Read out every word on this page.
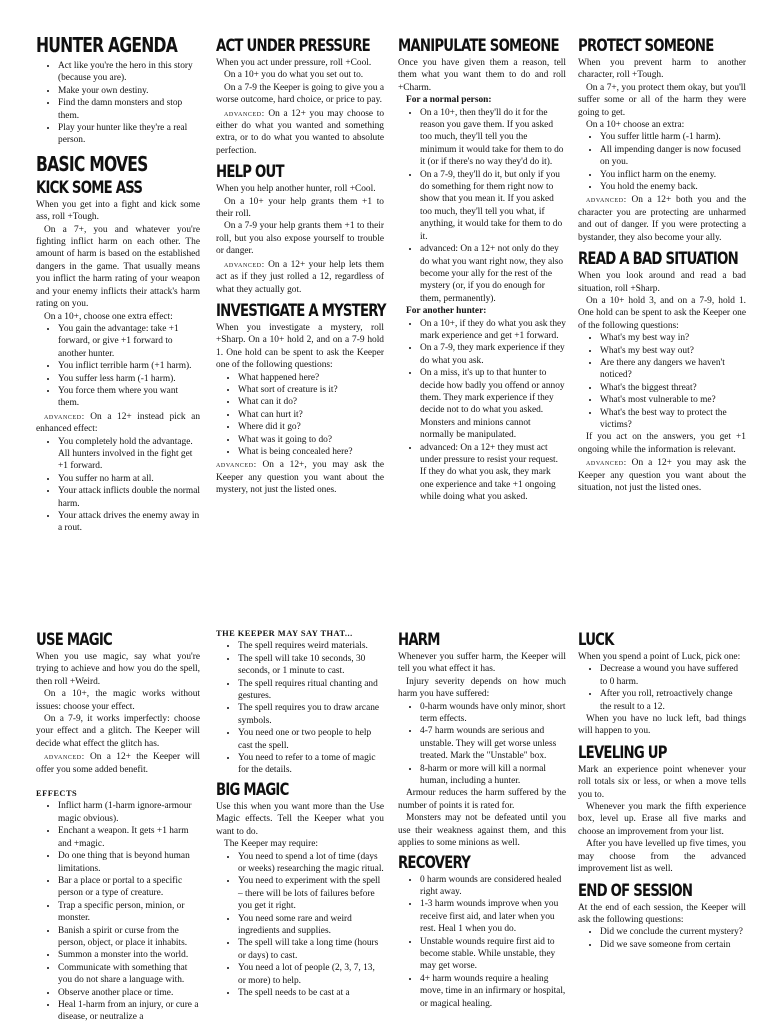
HUNTER AGENDA
• Act like you're the hero in this story (because you are).
• Make your own destiny.
• Find the damn monsters and stop them.
• Play your hunter like they're a real person.
BASIC MOVES
KICK SOME ASS

When you get into a fight and kick some ass, roll +Tough.

On a 7+, you and whatever you're fighting inflict harm on each other. The amount of harm is based on the established dangers in the game. That usually means you inflict the harm rating of your weapon and your enemy inflicts their attack's harm rating on you.

On a 10+, choose one extra effect:

• You gain the advantage: take +1 forward, or give +1 forward to another hunter.
• You inflict terrible harm (+1 harm).
• You suffer less harm (-1 harm).
• You force them where you want them.

advanced: On a 12+ instead pick an enhanced effect:

• You completely hold the advantage. All hunters involved in the fight get +1 forward.
• You suffer no harm at all.
• Your attack inflicts double the normal harm.
• Your attack drives the enemy away in a rout.
ACT UNDER PRESSURE

When you act under pressure, roll +Cool.

On a 10+ you do what you set out to.

On a 7-9 the Keeper is going to give you a worse outcome, hard choice, or price to pay.

advanced: On a 12+ you may choose to either do what you wanted and something extra, or to do what you wanted to absolute perfection.

HELP OUT

When you help another hunter, roll +Cool.

On a 10+ your help grants them +1 to their roll.

On a 7-9 your help grants them +1 to their roll, but you also expose yourself to trouble or danger.

advanced: On a 12+ your help lets them act as if they just rolled a 12, regardless of what they actually got.

INVESTIGATE A MYSTERY

When you investigate a mystery, roll +Sharp. On a 10+ hold 2, and on a 7-9 hold 1. One hold can be spent to ask the Keeper one of the following questions:

• What happened here?
• What sort of creature is it?
• What can it do?
• What can hurt it?
• Where did it go?
• What was it going to do?
• What is being concealed here?

advanced: On a 12+, you may ask the Keeper any question you want about the mystery, not just the listed ones.

MANIPULATE SOMEONE

Once you have given them a reason, tell them what you want them to do and roll +Charm.

For a normal person:

• On a 10+, then they'll do it for the reason you gave them. If you asked too much, they'll tell you the minimum it would take for them to do it (or if there's no way they'd do it).
• On a 7-9, they'll do it, but only if you do something for them right now to show that you mean it. If you asked too much, they'll tell you what, if anything, it would take for them to do it.
• advanced: On a 12+ not only do they do what you want right now, they also become your ally for the rest of the mystery (or, if you do enough for them, permanently).

For another hunter:

• On a 10+, if they do what you ask they mark experience and get +1 forward.
• On a 7-9, they mark experience if they do what you ask.
• On a miss, it's up to that hunter to decide how badly you offend or annoy them. They mark experience if they decide not to do what you asked. Monsters and minions cannot normally be manipulated.
• advanced: On a 12+ they must act under pressure to resist your request. If they do what you ask, they mark one experience and take +1 ongoing while doing what you asked.
PROTECT SOMEONE

When you prevent harm to another character, roll +Tough.

On a 7+, you protect them okay, but you'll suffer some or all of the harm they were going to get.

On a 10+ choose an extra:

• You suffer little harm (-1 harm).
• All impending danger is now focused on you.
• You inflict harm on the enemy.
• You hold the enemy back.

advanced: On a 12+ both you and the character you are protecting are unharmed and out of danger. If you were protecting a bystander, they also become your ally.

READ A BAD SITUATION

When you look around and read a bad situation, roll +Sharp.

On a 10+ hold 3, and on a 7-9, hold 1. One hold can be spent to ask the Keeper one of the following questions:

• What's my best way in?
• What's my best way out?
• Are there any dangers we haven't noticed?
• What's the biggest threat?
• What's most vulnerable to me?
• What's the best way to protect the victims?

If you act on the answers, you get +1 ongoing while the information is relevant.

advanced: On a 12+ you may ask the Keeper any question you want about the situation, not just the listed ones.

USE MAGIC

When you use magic, say what you're trying to achieve and how you do the spell, then roll +Weird.

On a 10+, the magic works without issues: choose your effect.

On a 7-9, it works imperfectly: choose your effect and a glitch. The Keeper will decide what effect the glitch has.

advanced: On a 12+ the Keeper will offer you some added benefit.

EFFECTS

• Inflict harm (1-harm ignore-armour magic obvious).
• Enchant a weapon. It gets +1 harm and +magic.
• Do one thing that is beyond human limitations.
• Bar a place or portal to a specific person or a type of creature.
• Trap a specific person, minion, or monster.
• Banish a spirit or curse from the person, object, or place it inhabits.
• Summon a monster into the world.
• Communicate with something that you do not share a language with.
• Observe another place or time.
• Heal 1-harm from an injury, or cure a disease, or neutralize a

THE KEEPER MAY SAY THAT...

• The spell requires weird materials.
• The spell will take 10 seconds, 30 seconds, or 1 minute to cast.
• The spell requires ritual chanting and gestures.
• The spell requires you to draw arcane symbols.
• You need one or two people to help cast the spell.
• You need to refer to a tome of magic for the details.
BIG MAGIC

Use this when you want more than the Use Magic effects. Tell the Keeper what you want to do.

The Keeper may require:

• You need to spend a lot of time (days or weeks) researching the magic ritual.
• You need to experiment with the spell – there will be lots of failures before you get it right.
• You need some rare and weird ingredients and supplies.
• The spell will take a long time (hours or days) to cast.
• You need a lot of people (2, 3, 7, 13, or more) to help.
• The spell needs to be cast at a
HARM

Whenever you suffer harm, the Keeper will tell you what effect it has.

Injury severity depends on how much harm you have suffered:

• 0-harm wounds have only minor, short term effects.
• 4-7 harm wounds are serious and unstable. They will get worse unless treated. Mark the "Unstable" box.
• 8-harm or more will kill a normal human, including a hunter.

Armour reduces the harm suffered by the number of points it is rated for.

Monsters may not be defeated until you use their weakness against them, and this applies to some minions as well.

RECOVERY
• 0 harm wounds are considered healed right away.
• 1-3 harm wounds improve when you receive first aid, and later when you rest. Heal 1 when you do.
• Unstable wounds require first aid to become stable. While unstable, they may get worse.
• 4+ harm wounds require a healing move, time in an infirmary or hospital, or magical healing.
LUCK

When you spend a point of Luck, pick one:

• Decrease a wound you have suffered to 0 harm.
• After you roll, retroactively change the result to a 12.

When you have no luck left, bad things will happen to you.

LEVELING UP

Mark an experience point whenever your roll totals six or less, or when a move tells you to.

Whenever you mark the fifth experience box, level up. Erase all five marks and choose an improvement from your list.

After you have levelled up five times, you may choose from the advanced improvement list as well.

END OF SESSION

At the end of each session, the Keeper will ask the following questions:

• Did we conclude the current mystery?
• Did we save someone from certain
